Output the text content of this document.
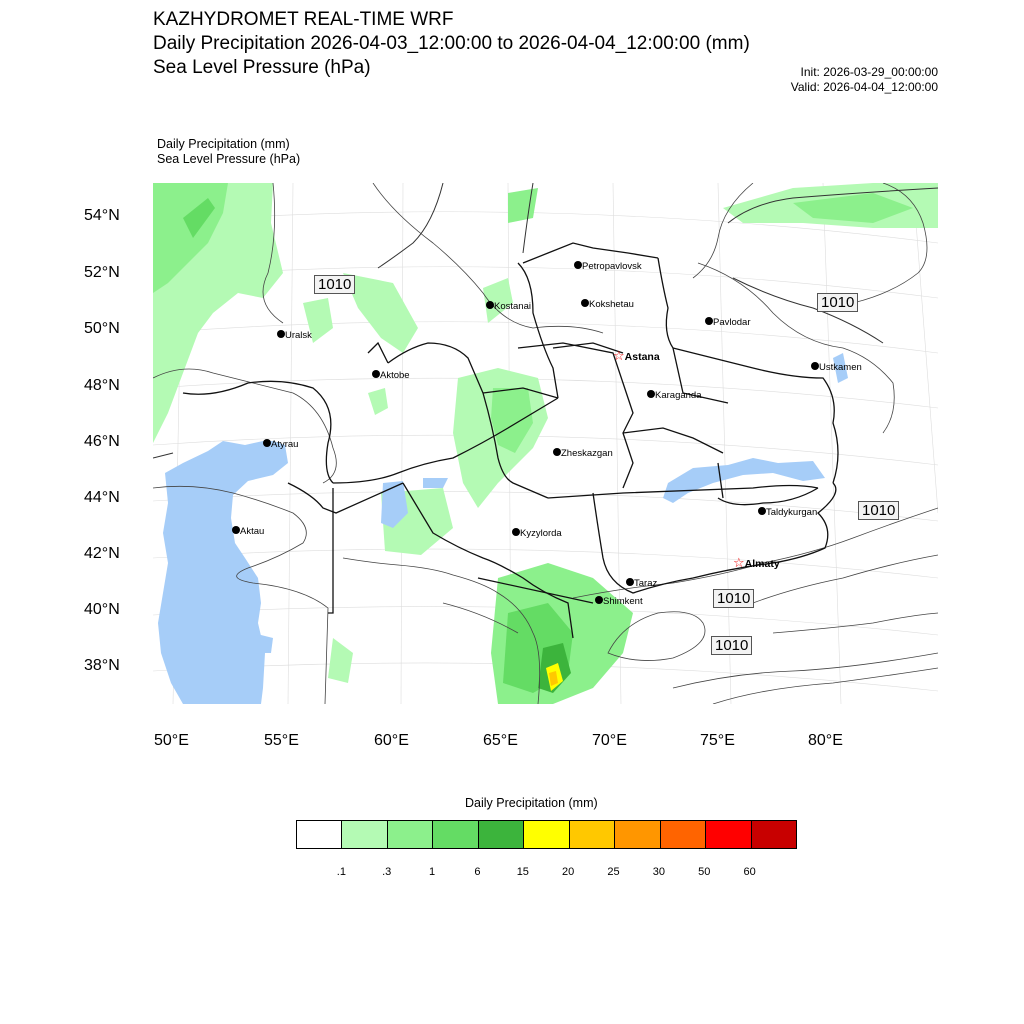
KAZHYDROMET REAL-TIME WRF
Daily Precipitation 2026-04-03_12:00:00 to 2026-04-04_12:00:00 (mm)
Sea Level Pressure (hPa)	Init: 2026-03-29_00:00:00
Valid: 2026-04-04_12:00:00
Daily Precipitation (mm)
Sea Level Pressure (hPa)
1010
1010
1010
1010
1010
Petropavlovsk
Kostanai	Kokshetau
Uralsk
Pavlodar
☆Astana
Ustkamen
Aktobe
Karaganda
Atyrau
Zheskazgan
Taldykurgan
Aktau	Kyzylorda
☆Almaty
Taraz
Shimkent
54°N
52°N
50°N
48°N
46°N
44°N
42°N
40°N
38°N
50°E	55°E	60°E	65°E	70°E	75°E	80°E
Daily Precipitation (mm)
.1	.3	1	6	15	20	25	30	50	60
